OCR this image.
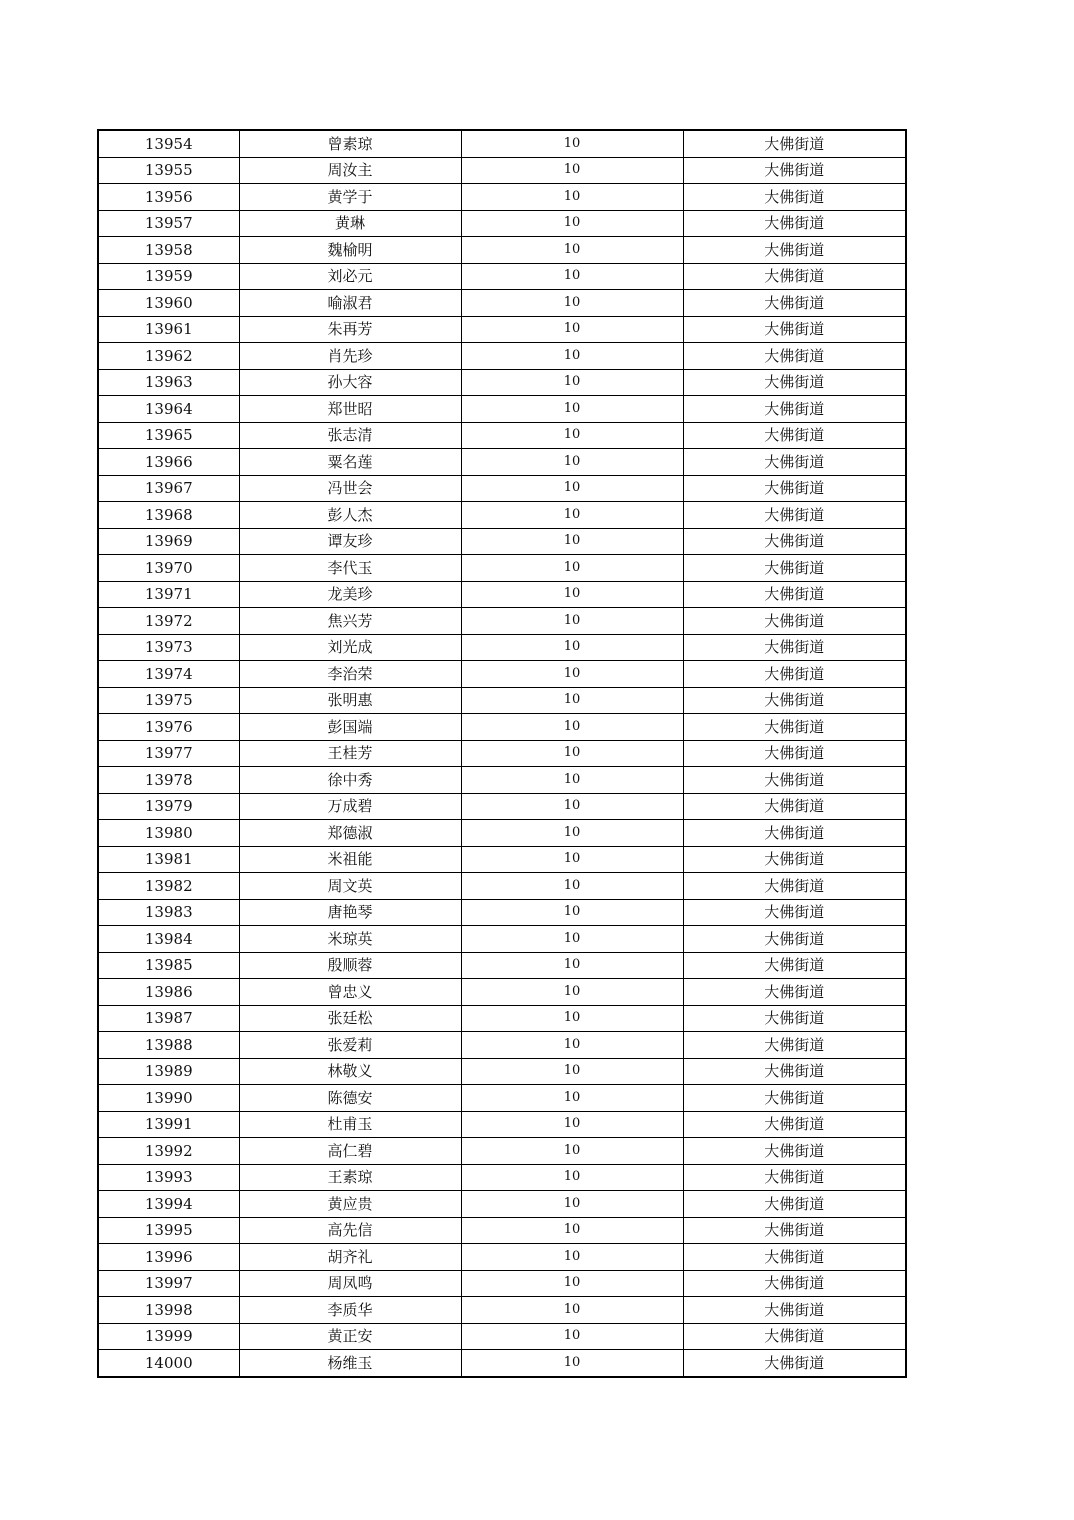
13954	曾素琼	10	大佛街道
13955	周汝主	10	大佛街道
13956	黄学于	10	大佛街道
13957	黄琳	10	大佛街道
13958	魏榆明	10	大佛街道
13959	刘必元	10	大佛街道
13960	喻淑君	10	大佛街道
13961	朱再芳	10	大佛街道
13962	肖先珍	10	大佛街道
13963	孙大容	10	大佛街道
13964	郑世昭	10	大佛街道
13965	张志清	10	大佛街道
13966	粟名莲	10	大佛街道
13967	冯世会	10	大佛街道
13968	彭人杰	10	大佛街道
13969	谭友珍	10	大佛街道
13970	李代玉	10	大佛街道
13971	龙美珍	10	大佛街道
13972	焦兴芳	10	大佛街道
13973	刘光成	10	大佛街道
13974	李治荣	10	大佛街道
13975	张明惠	10	大佛街道
13976	彭国端	10	大佛街道
13977	王桂芳	10	大佛街道
13978	徐中秀	10	大佛街道
13979	万成碧	10	大佛街道
13980	郑德淑	10	大佛街道
13981	米祖能	10	大佛街道
13982	周文英	10	大佛街道
13983	唐艳琴	10	大佛街道
13984	米琼英	10	大佛街道
13985	殷顺蓉	10	大佛街道
13986	曾忠义	10	大佛街道
13987	张廷松	10	大佛街道
13988	张爱莉	10	大佛街道
13989	林敬义	10	大佛街道
13990	陈德安	10	大佛街道
13991	杜甫玉	10	大佛街道
13992	高仁碧	10	大佛街道
13993	王素琼	10	大佛街道
13994	黄应贵	10	大佛街道
13995	高先信	10	大佛街道
13996	胡齐礼	10	大佛街道
13997	周凤鸣	10	大佛街道
13998	李质华	10	大佛街道
13999	黄正安	10	大佛街道
14000	杨维玉	10	大佛街道
